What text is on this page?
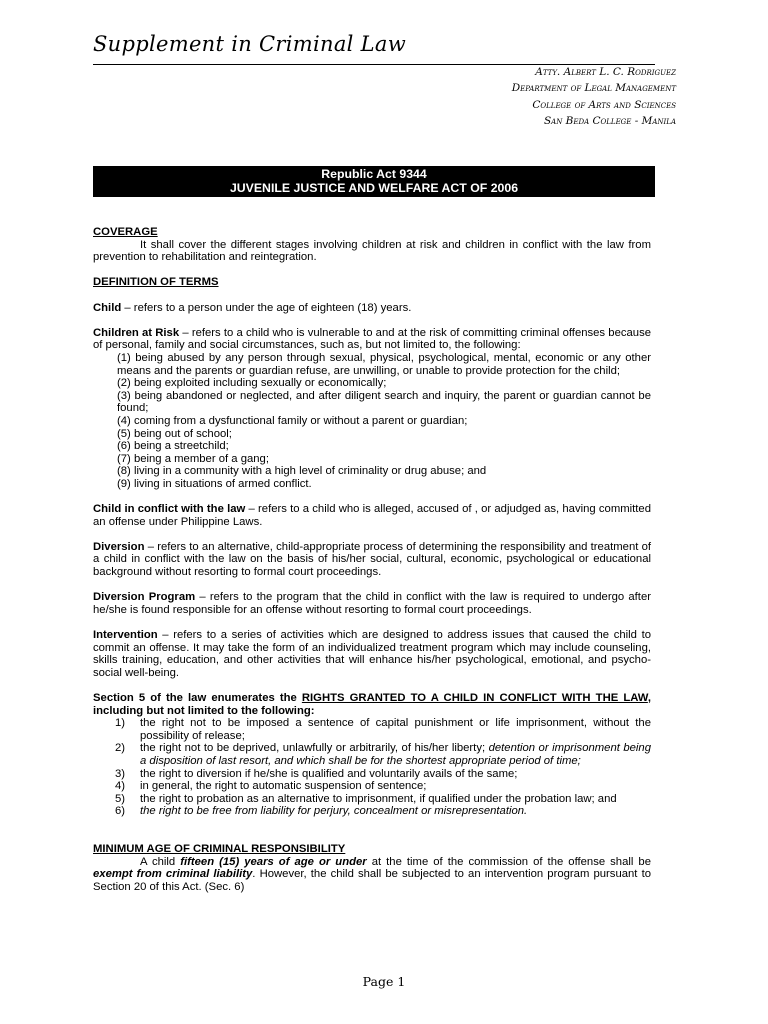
Supplement in Criminal Law
Atty. Albert L. C. Rodriguez
Department of Legal Management
College of Arts and Sciences
San Beda College - Manila
Republic Act 9344
JUVENILE JUSTICE AND WELFARE ACT OF 2006

COVERAGE

It shall cover the different stages involving children at risk and children in conflict with the law from prevention to rehabilitation and reintegration.

DEFINITION OF TERMS

Child – refers to a person under the age of eighteen (18) years.

Children at Risk – refers to a child who is vulnerable to and at the risk of committing criminal offenses because of personal, family and social circumstances, such as, but not limited to, the following:

(1) being abused by any person through sexual, physical, psychological, mental, economic or any other means and the parents or guardian refuse, are unwilling, or unable to provide protection for the child;

(2) being exploited including sexually or economically;

(3) being abandoned or neglected, and after diligent search and inquiry, the parent or guardian cannot be found;

(4) coming from a dysfunctional family or without a parent or guardian;

(5) being out of school;

(6) being a streetchild;

(7) being a member of a gang;

(8) living in a community with a high level of criminality or drug abuse; and

(9) living in situations of armed conflict.

Child in conflict with the law – refers to a child who is alleged, accused of , or adjudged as, having committed an offense under Philippine Laws.

Diversion – refers to an alternative, child-appropriate process of determining the responsibility and treatment of a child in conflict with the law on the basis of his/her social, cultural, economic, psychological or educational background without resorting to formal court proceedings.

Diversion Program – refers to the program that the child in conflict with the law is required to undergo after he/she is found responsible for an offense without resorting to formal court proceedings.

Intervention – refers to a series of activities which are designed to address issues that caused the child to commit an offense. It may take the form of an individualized treatment program which may include counseling, skills training, education, and other activities that will enhance his/her psychological, emotional, and psycho-social well-being.

Section 5 of the law enumerates the RIGHTS GRANTED TO A CHILD IN CONFLICT WITH THE LAW, including but not limited to the following:

1) the right not to be imposed a sentence of capital punishment or life imprisonment, without the possibility of release;
2) the right not to be deprived, unlawfully or arbitrarily, of his/her liberty; detention or imprisonment being a disposition of last resort, and which shall be for the shortest appropriate period of time;
3) the right to diversion if he/she is qualified and voluntarily avails of the same;
4) in general, the right to automatic suspension of sentence;
5) the right to probation as an alternative to imprisonment, if qualified under the probation law; and
6) the right to be free from liability for perjury, concealment or misrepresentation.

MINIMUM AGE OF CRIMINAL RESPONSIBILITY

A child fifteen (15) years of age or under at the time of the commission of the offense shall be exempt from criminal liability. However, the child shall be subjected to an intervention program pursuant to Section 20 of this Act. (Sec. 6)

Page 1
